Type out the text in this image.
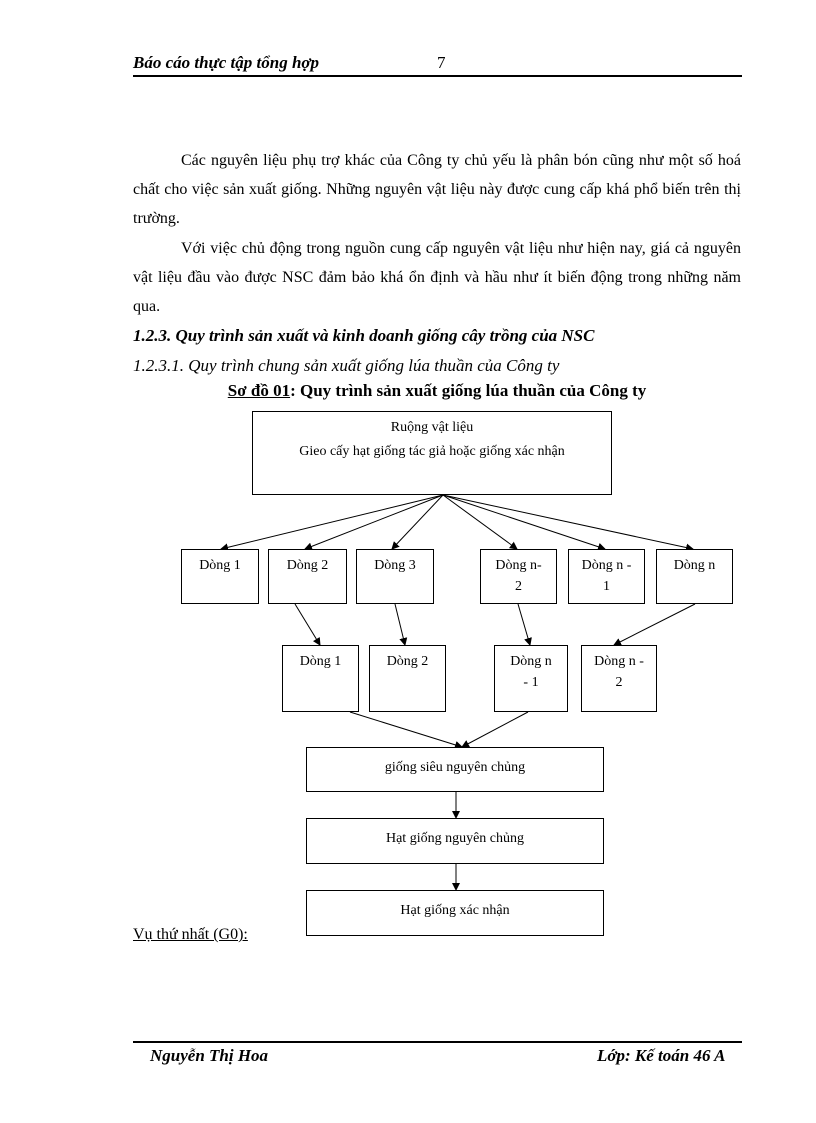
Báo cáo thực tập tổng hợp	7

Các nguyên liệu phụ trợ khác của Công ty chủ yếu là phân bón cũng như một số hoá chất cho việc sản xuất giống. Những nguyên vật liệu này được cung cấp khá phổ biến trên thị trường.

Với việc chủ động trong nguồn cung cấp nguyên vật liệu như hiện nay, giá cả nguyên vật liệu đầu vào được NSC đảm bảo khá ổn định và hầu như ít biến động trong những năm qua.

1.2.3. Quy trình sản xuất và kinh doanh giống cây trồng của NSC
1.2.3.1. Quy trình chung sản xuất giống lúa thuần của Công ty
Sơ đồ 01: Quy trình sản xuất giống lúa thuần của Công ty
Ruộng vật liệu
Gieo cấy hạt giống tác giả hoặc giống xác nhận
Dòng 1	Dòng 2	Dòng 3	Dòng n-2
Dòng n - 1
Dòng n
Dòng 1	Dòng 2	Dòng n - 1
Dòng n - 2
giống siêu nguyên chủng
Hạt giống nguyên chủng
Hạt giống xác nhận
Vụ thứ nhất (G0):
Nguyễn Thị Hoa	Lớp: Kế toán 46 A
